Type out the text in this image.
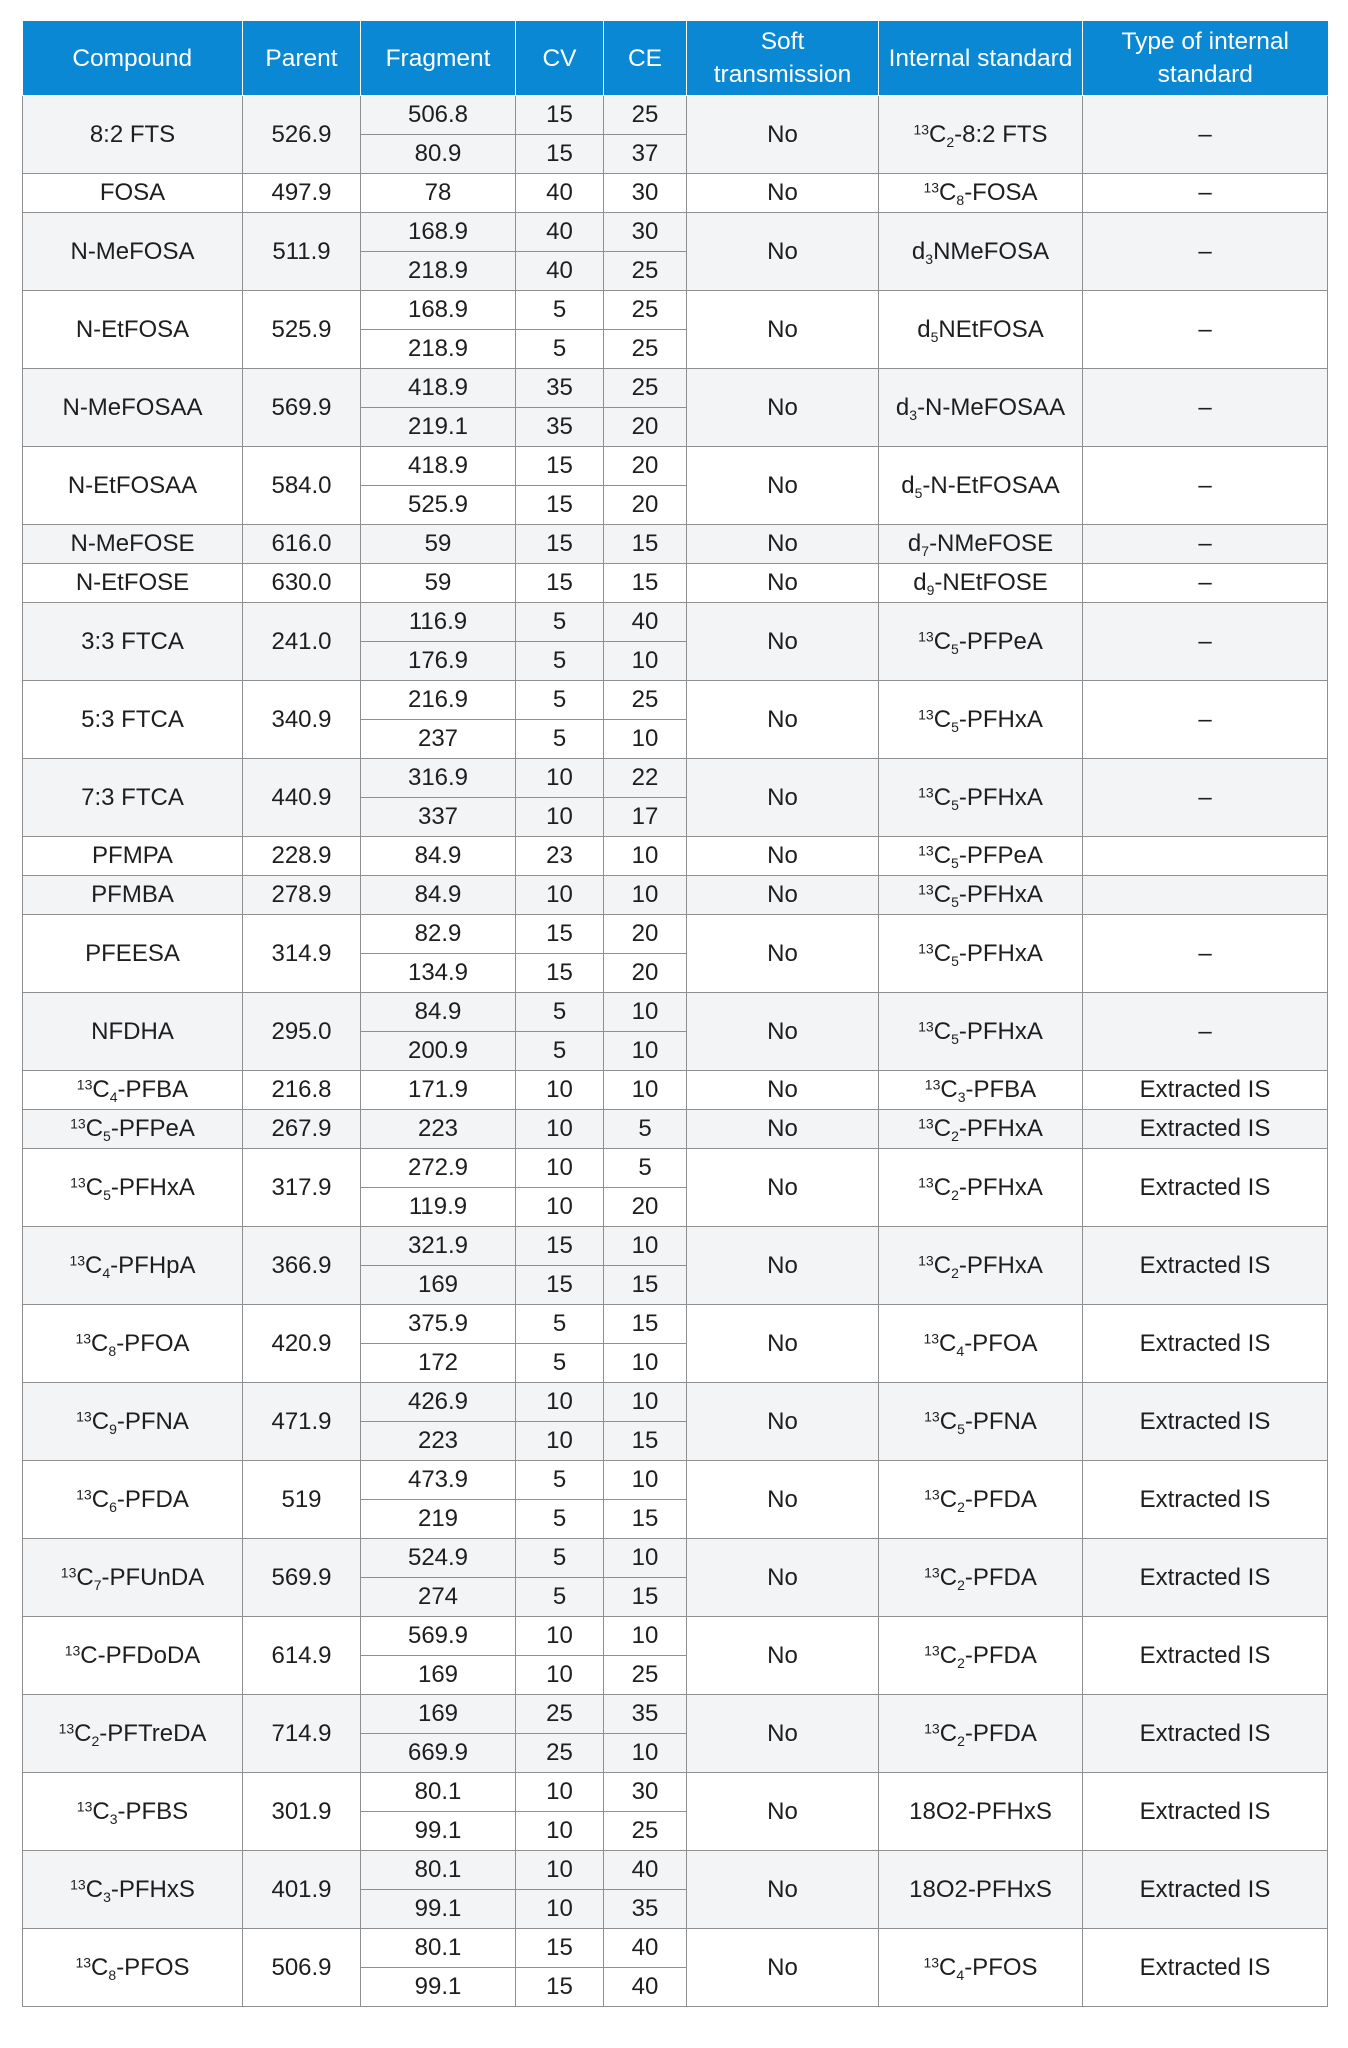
Compound	Parent	Fragment	CV	CE	Soft transmission	Internal standard	Type of internal standard
8:2 FTS	526.9	506.8	15	25	No	$^{13}C_2-8:2$ FTS	–
		80.9	15	37			
FOSA	497.9	78	40	30	No	$^{13}C_8$-FOSA	–
N-MeFOSA	511.9	168.9	40	30	No	$d_3NMeFOSA$	–
		218.9	40	25			
N-EtFOSA	525.9	168.9	5	25	No	$d_5NEtFOSA$	–
		218.9	5	25			
N-MeFOSAA	569.9	418.9	35	25	No	$d_3-N$-MeFOSAA	–
		219.1	35	20			
N-EtFOSAA	584.0	418.9	15	20	No	$d_5-N$-EtFOSAA	–
		525.9	15	20			
N-MeFOSE	616.0	59	15	15	No	$d_7$-NMeFOSE	–
N-EtFOSE	630.0	59	15	15	No	$d_9$-NEtFOSE	–
3:3 FTCA	241.0	116.9	5	40	No	$^{13}C_5$-PFPeA	–
		176.9	5	10			
5:3 FTCA	340.9	216.9	5	25	No	$^{13}C_5$-PFHxA	–
		237	5	10			
7:3 FTCA	440.9	316.9	10	22	No	$^{13}C_5$-PFHxA	–
		337	10	17			
PFMPA	228.9	84.9	23	10	No	$^{13}C_5$-PFPeA	
PFMBA	278.9	84.9	10	10	No	$^{13}C_5$-PFHxA	
PFEESA	314.9	82.9	15	20	No	$^{13}C_5$-PFHxA	–
		134.9	15	20			
NFDHA	295.0	84.9	5	10	No	$^{13}C_5$-PFHxA	–
		200.9	5	10			
$^{13}C_4$-PFBA	216.8	171.9	10	10	No	$^{13}C_3$-PFBA	Extracted IS
$^{13}C_5$-PFPeA	267.9	223	10	5	No	$^{13}C_2$-PFHxA	Extracted IS
$^{13}C_5$-PFHxA	317.9	272.9	10	5	No	$^{13}C_2$-PFHxA	Extracted IS
		119.9	10	20			
$^{13}C_4$-PFHpA	366.9	321.9	15	10	No	$^{13}C_2$-PFHxA	Extracted IS
		169	15	15			
$^{13}C_8$-PFOA	420.9	375.9	5	15	No	$^{13}C_4$-PFOA	Extracted IS
		172	5	10			
$^{13}C_9$-PFNA	471.9	426.9	10	10	No	$^{13}C_5$-PFNA	Extracted IS
		223	10	15			
$^{13}C_6$-PFDA	519	473.9	5	10	No	$^{13}C_2$-PFDA	Extracted IS
		219	5	15			
$^{13}C_7$-PFUnDA	569.9	524.9	5	10	No	$^{13}C_2$-PFDA	Extracted IS
		274	5	15			
$^{13}$C-PFDoDA	614.9	569.9	10	10	No	$^{13}C_2$-PFDA	Extracted IS
		169	10	25			
$^{13}C_2$-PFTreDA	714.9	169	25	35	No	$^{13}C_2$-PFDA	Extracted IS
		669.9	25	10			
$^{13}C_3$-PFBS	301.9	80.1	10	30	No	18O2-PFHxS	Extracted IS
		99.1	10	25			
$^{13}C_3$-PFHxS	401.9	80.1	10	40	No	18O2-PFHxS	Extracted IS
		99.1	10	35			
$^{13}C_8$-PFOS	506.9	80.1	15	40	No	$^{13}C_4$-PFOS	Extracted IS
		99.1	15	40			
